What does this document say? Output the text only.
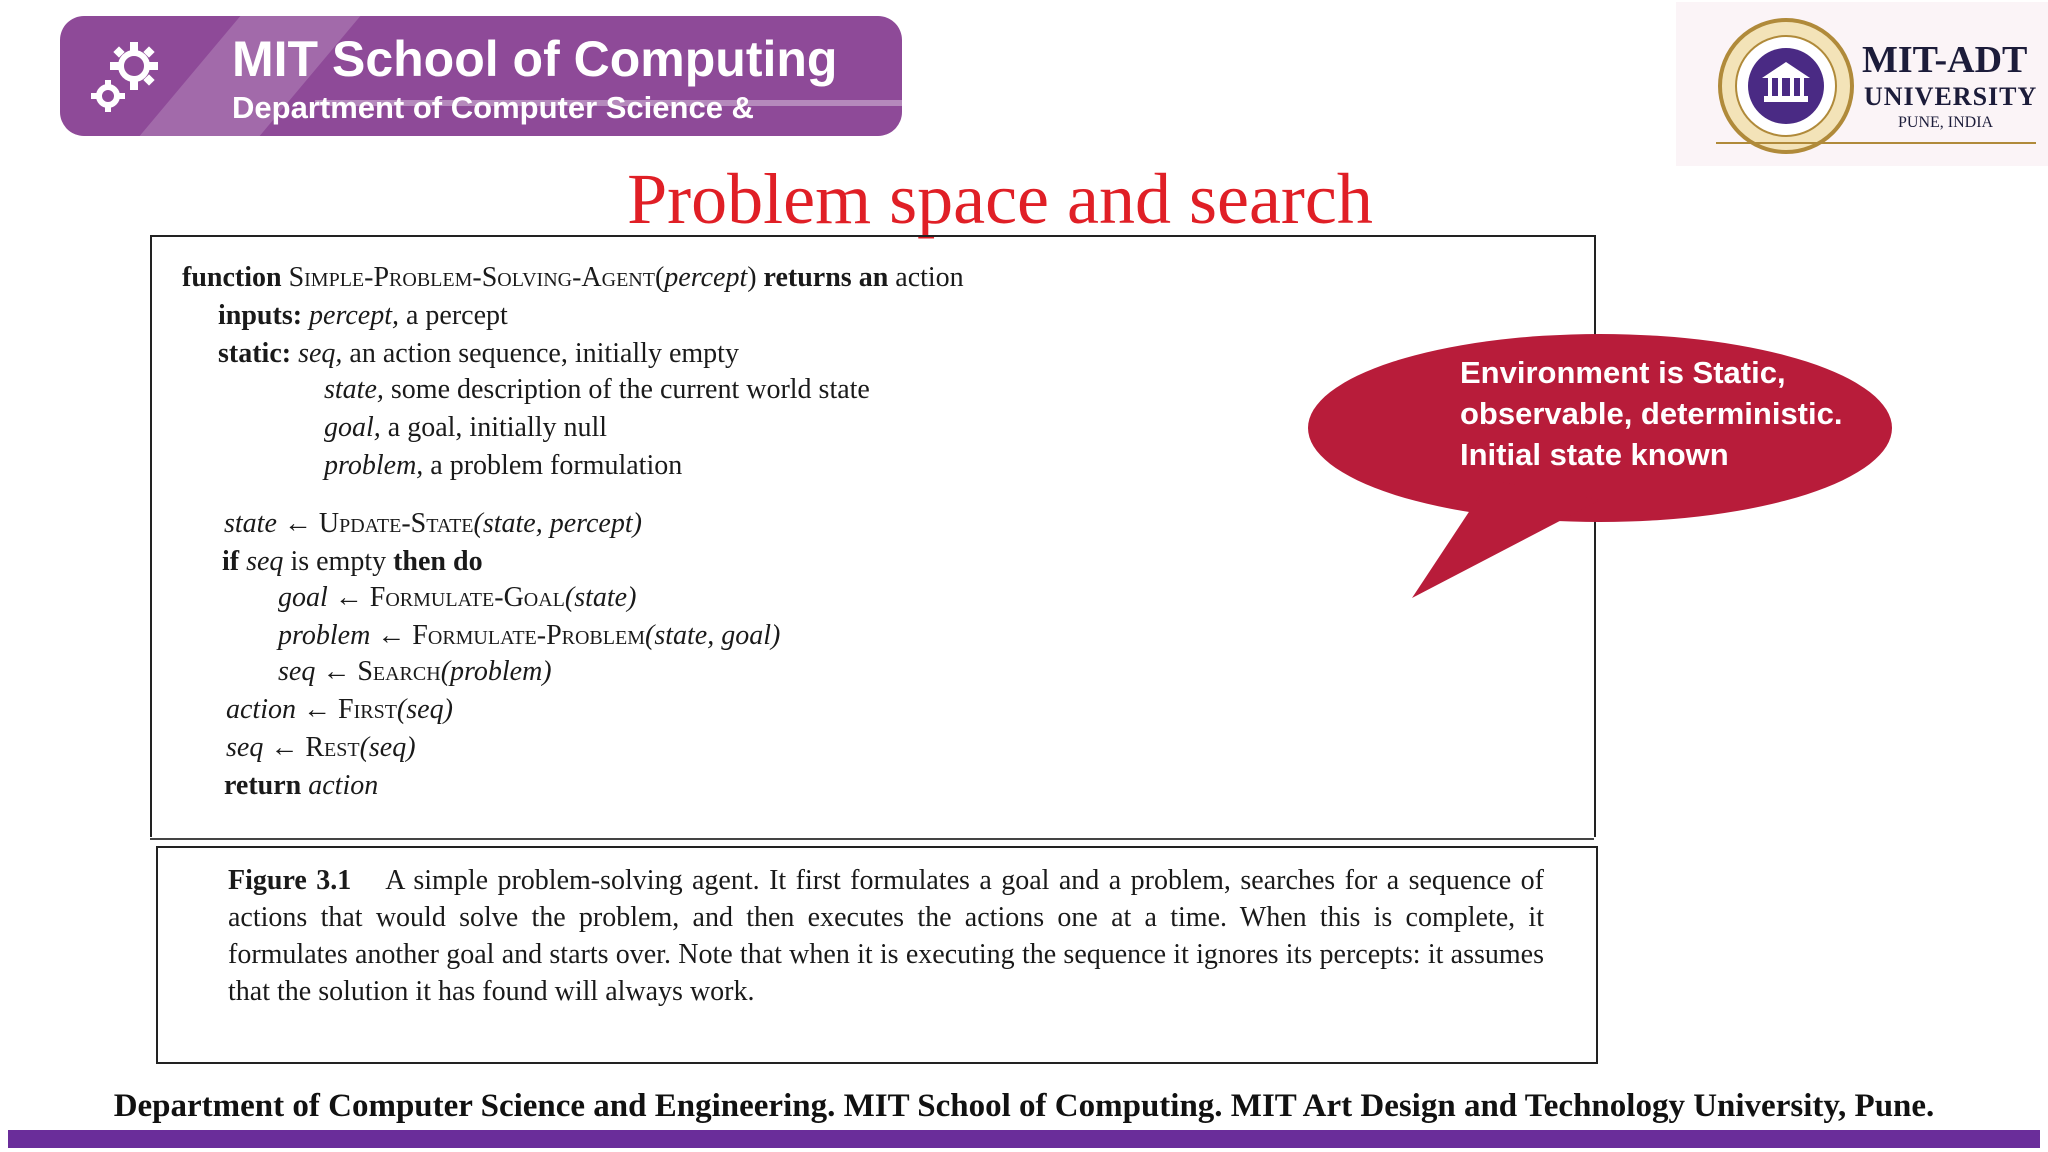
MIT School of Computing
Department of Computer Science & Engineering
MIT-ADT
UNIVERSITY
PUNE, INDIA
Problem space and search
function Simple-Problem-Solving-Agent(percept) returns an action
inputs: percept, a percept
static: seq, an action sequence, initially empty
state, some description of the current world state
goal, a goal, initially null
problem, a problem formulation
state ← Update-State(state, percept)
if seq is empty then do
goal ← Formulate-Goal(state)
problem ← Formulate-Problem(state, goal)
seq ← Search(problem)
action ← First(seq)
seq ← Rest(seq)
return action
Figure 3.1 A simple problem-solving agent. It first formulates a goal and a problem, searches for a sequence of actions that would solve the problem, and then executes the actions one at a time. When this is complete, it formulates another goal and starts over. Note that when it is executing the sequence it ignores its percepts: it assumes that the solution it has found will always work.
Environment is Static,
observable, deterministic.
Initial state known
Department of Computer Science and Engineering. MIT School of Computing. MIT Art Design and Technology University, Pune.
